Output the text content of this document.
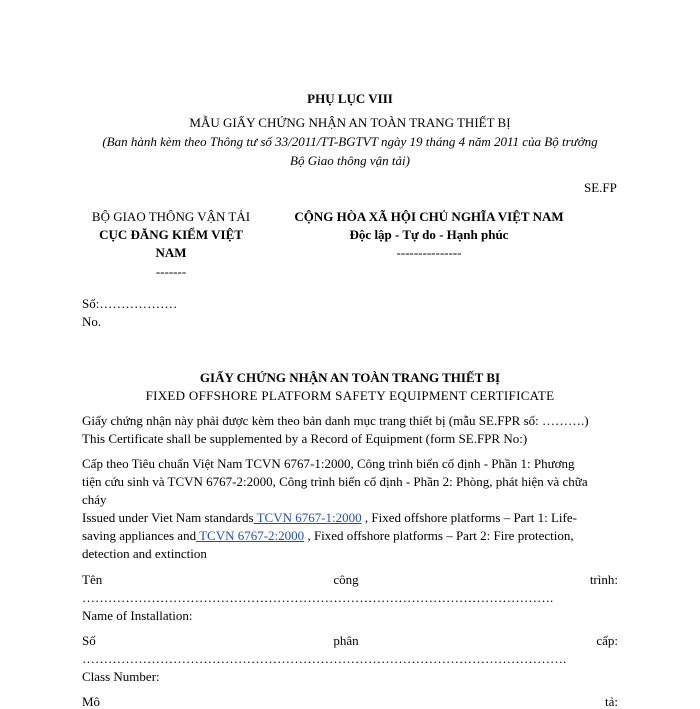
PHỤ LỤC VIII
MẪU GIẤY CHỨNG NHẬN AN TOÀN TRANG THIẾT BỊ
(Ban hành kèm theo Thông tư số 33/2011/TT-BGTVT ngày 19 tháng 4 năm 2011 của Bộ trưởng
Bộ Giao thông vận tải)
SE.FP
BỘ GIAO THÔNG VẬN TẢI
CỤC ĐĂNG KIỂM VIỆT
NAM
-------
CỘNG HÒA XÃ HỘI CHỦ NGHĨA VIỆT NAM
Độc lập - Tự do - Hạnh phúc
---------------
Số:………………
No.
GIẤY CHỨNG NHẬN AN TOÀN TRANG THIẾT BỊ
FIXED OFFSHORE PLATFORM SAFETY EQUIPMENT CERTIFICATE
Giấy chứng nhận này phải được kèm theo bản danh mục trang thiết bị (mẫu SE.FPR số: ……….)
This Certificate shall be supplemented by a Record of Equipment (form SE.FPR No:)
Cấp theo Tiêu chuẩn Việt Nam TCVN 6767-1:2000, Công trình biển cố định - Phần 1: Phương
tiện cứu sinh và TCVN 6767-2:2000, Công trình biển cố định - Phần 2: Phòng, phát hiện và chữa
cháy
Issued under Viet Nam standards TCVN 6767-1:2000 , Fixed offshore platforms – Part 1: Life-
saving appliances and TCVN 6767-2:2000 , Fixed offshore platforms – Part 2: Fire protection,
detection and extinction
Tên	công	trình:
……………………………………………………………………………………………….
Name of Installation:
Số	phân	cấp:
………………………………………………………………………………………………….
Class Number:
Mô	tả:
